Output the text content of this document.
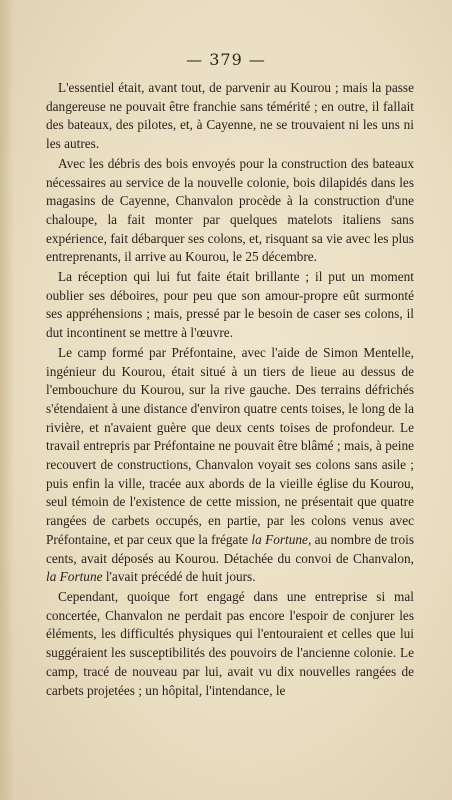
— 379 —

L'essentiel était, avant tout, de parvenir au Kourou ; mais la passe dangereuse ne pouvait être franchie sans témérité ; en outre, il fallait des bateaux, des pilotes, et, à Cayenne, ne se trouvaient ni les uns ni les autres.

Avec les débris des bois envoyés pour la construction des bateaux nécessaires au service de la nouvelle colonie, bois dilapidés dans les magasins de Cayenne, Chanvalon procède à la construction d'une chaloupe, la fait monter par quelques matelots italiens sans expérience, fait débarquer ses colons, et, risquant sa vie avec les plus entreprenants, il arrive au Kourou, le 25 décembre.

La réception qui lui fut faite était brillante ; il put un moment oublier ses déboires, pour peu que son amour-propre eût surmonté ses appréhensions ; mais, pressé par le besoin de caser ses colons, il dut incontinent se mettre à l'œuvre.

Le camp formé par Préfontaine, avec l'aide de Simon Mentelle, ingénieur du Kourou, était situé à un tiers de lieue au dessus de l'embouchure du Kourou, sur la rive gauche. Des terrains défrichés s'étendaient à une distance d'environ quatre cents toises, le long de la rivière, et n'avaient guère que deux cents toises de profondeur. Le travail entrepris par Préfontaine ne pouvait être blâmé ; mais, à peine recouvert de constructions, Chanvalon voyait ses colons sans asile ; puis enfin la ville, tracée aux abords de la vieille église du Kourou, seul témoin de l'existence de cette mission, ne présentait que quatre rangées de carbets occupés, en partie, par les colons venus avec Préfontaine, et par ceux que la frégate la Fortune, au nombre de trois cents, avait déposés au Kourou. Détachée du convoi de Chanvalon, la Fortune l'avait précédé de huit jours.

Cependant, quoique fort engagé dans une entreprise si mal concertée, Chanvalon ne perdait pas encore l'espoir de conjurer les éléments, les difficultés physiques qui l'entouraient et celles que lui suggéraient les susceptibilités des pouvoirs de l'ancienne colonie. Le camp, tracé de nouveau par lui, avait vu dix nouvelles rangées de carbets projetées ; un hôpital, l'intendance, le
